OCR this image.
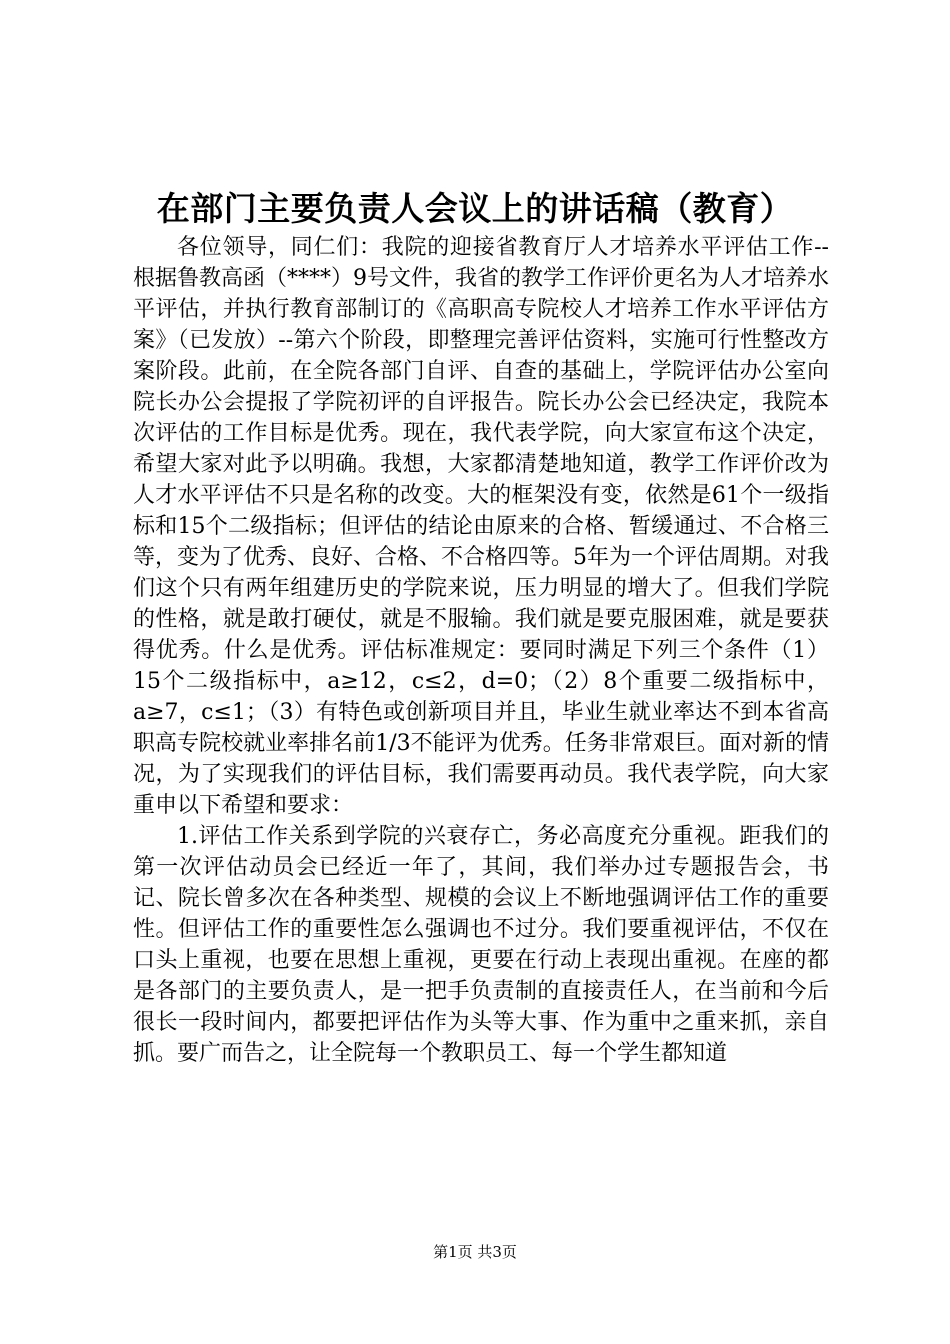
在部门主要负责人会议上的讲话稿（教育）

各位领导，同仁们：我院的迎接省教育厅人才培养水平评估工作--根据鲁教高函（****）9号文件，我省的教学工作评价更名为人才培养水平评估，并执行教育部制订的《高职高专院校人才培养工作水平评估方案》（已发放）--第六个阶段，即整理完善评估资料，实施可行性整改方案阶段。此前，在全院各部门自评、自查的基础上，学院评估办公室向院长办公会提报了学院初评的自评报告。院长办公会已经决定，我院本次评估的工作目标是优秀。现在，我代表学院，向大家宣布这个决定，希望大家对此予以明确。我想，大家都清楚地知道，教学工作评价改为人才水平评估不只是名称的改变。大的框架没有变，依然是61个一级指标和15个二级指标；但评估的结论由原来的合格、暂缓通过、不合格三等，变为了优秀、良好、合格、不合格四等。5年为一个评估周期。对我们这个只有两年组建历史的学院来说，压力明显的增大了。但我们学院的性格，就是敢打硬仗，就是不服输。我们就是要克服困难，就是要获得优秀。什么是优秀。评估标准规定：要同时满足下列三个条件（1）15个二级指标中，a≥12，c≤2，d=0；（2）8个重要二级指标中，a≥7，c≤1；（3）有特色或创新项目并且，毕业生就业率达不到本省高职高专院校就业率排名前1/3不能评为优秀。任务非常艰巨。面对新的情况，为了实现我们的评估目标，我们需要再动员。我代表学院，向大家重申以下希望和要求：

1.评估工作关系到学院的兴衰存亡，务必高度充分重视。距我们的第一次评估动员会已经近一年了，其间，我们举办过专题报告会，书记、院长曾多次在各种类型、规模的会议上不断地强调评估工作的重要性。但评估工作的重要性怎么强调也不过分。我们要重视评估，不仅在口头上重视，也要在思想上重视，更要在行动上表现出重视。在座的都是各部门的主要负责人，是一把手负责制的直接责任人，在当前和今后很长一段时间内，都要把评估作为头等大事、作为重中之重来抓，亲自抓。要广而告之，让全院每一个教职员工、每一个学生都知道

第1页 共3页
